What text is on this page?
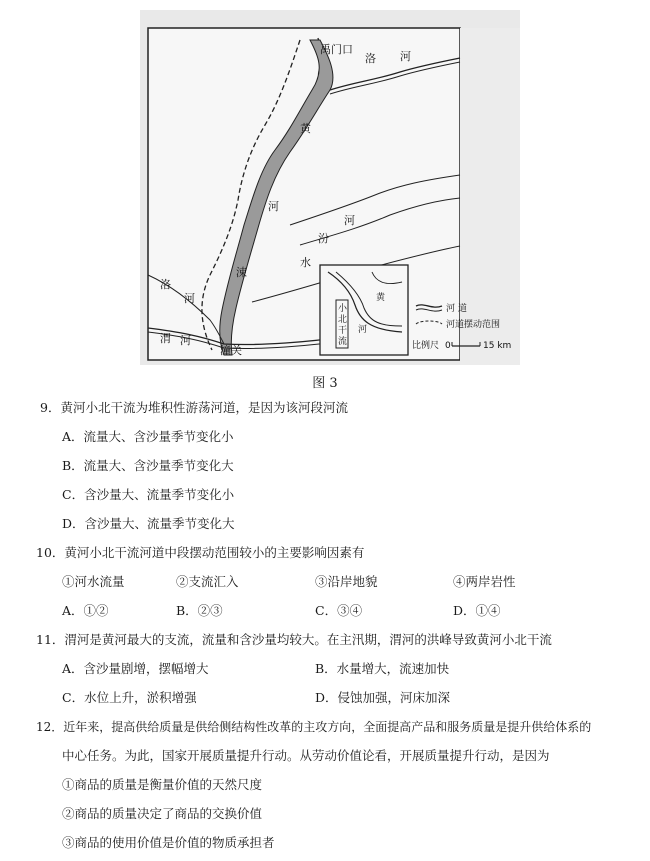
禹门口
洛 河
黄
河
汾
河
涑
水
洛
河
渭 河
潼关
小
北
干
流
黄
河
河 道
河道摆动范围
比例尺 0	15 km
图 3
9．黄河小北干流为堆积性游荡河道，是因为该河段河流
A．流量大、含沙量季节变化小
B．流量大、含沙量季节变化大
C．含沙量大、流量季节变化小
D．含沙量大、流量季节变化大
10．黄河小北干流河道中段摆动范围较小的主要影响因素有
①河水流量	②支流汇入	③沿岸地貌	④两岸岩性
A．①②	B．②③	C．③④	D．①④
11．渭河是黄河最大的支流，流量和含沙量均较大。在主汛期，渭河的洪峰导致黄河小北干流
A．含沙量剧增，摆幅增大	B．水量增大，流速加快
C．水位上升，淤积增强	D．侵蚀加强，河床加深
12．近年来，提高供给质量是供给侧结构性改革的主攻方向，全面提高产品和服务质量是提升供给体系的
中心任务。为此，国家开展质量提升行动。从劳动价值论看，开展质量提升行动，是因为
①商品的质量是衡量价值的天然尺度
②商品的质量决定了商品的交换价值
③商品的使用价值是价值的物质承担者
